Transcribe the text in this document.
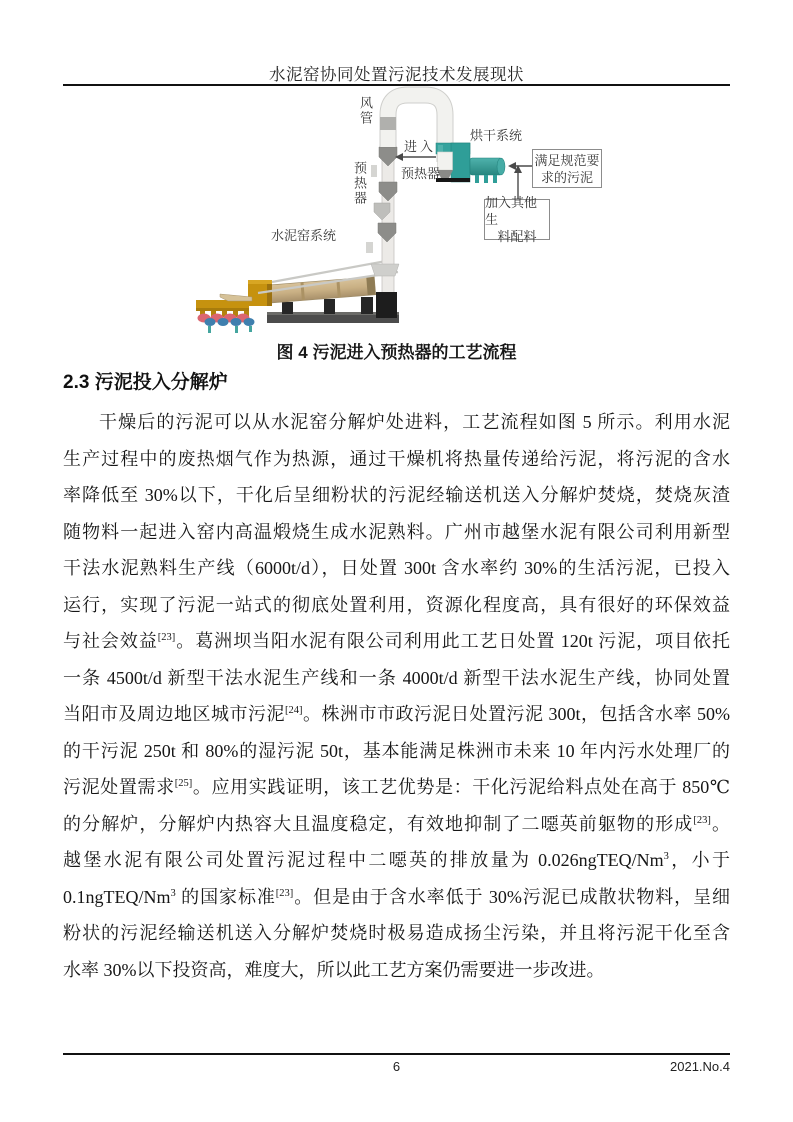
水泥窑协同处置污泥技术发展现状
风管
进入
预热器
预热器
烘干系统
水泥窑系统
满足规范要
求的污泥
加入其他生
料配料
图 4 污泥进入预热器的工艺流程
2.3 污泥投入分解炉
干燥后的污泥可以从水泥窑分解炉处进料，工艺流程如图 5 所示。利用水泥
生产过程中的废热烟气作为热源，通过干燥机将热量传递给污泥，将污泥的含水
率降低至 30%以下，干化后呈细粉状的污泥经输送机送入分解炉焚烧，焚烧灰渣
随物料一起进入窑内高温煅烧生成水泥熟料。广州市越堡水泥有限公司利用新型
干法水泥熟料生产线（6000t/d），日处置 300t 含水率约 30%的生活污泥，已投入
运行，实现了污泥一站式的彻底处置利用，资源化程度高，具有很好的环保效益
与社会效益[23]。葛洲坝当阳水泥有限公司利用此工艺日处置 120t 污泥，项目依托
一条 4500t/d 新型干法水泥生产线和一条 4000t/d 新型干法水泥生产线，协同处置
当阳市及周边地区城市污泥[24]。株洲市市政污泥日处置污泥 300t，包括含水率 50%
的干污泥 250t 和 80%的湿污泥 50t，基本能满足株洲市未来 10 年内污水处理厂的
污泥处置需求[25]。应用实践证明，该工艺优势是：干化污泥给料点处在高于 850℃
的分解炉，分解炉内热容大且温度稳定，有效地抑制了二噁英前躯物的形成[23]。
越堡水泥有限公司处置污泥过程中二噁英的排放量为 0.026ngTEQ/Nm$^3$，小于
0.1ngTEQ/Nm$^3$ 的国家标准[23]。但是由于含水率低于 30%污泥已成散状物料，呈细
粉状的污泥经输送机送入分解炉焚烧时极易造成扬尘污染，并且将污泥干化至含
水率 30%以下投资高，难度大，所以此工艺方案仍需要进一步改进。
6	2021.No.4
